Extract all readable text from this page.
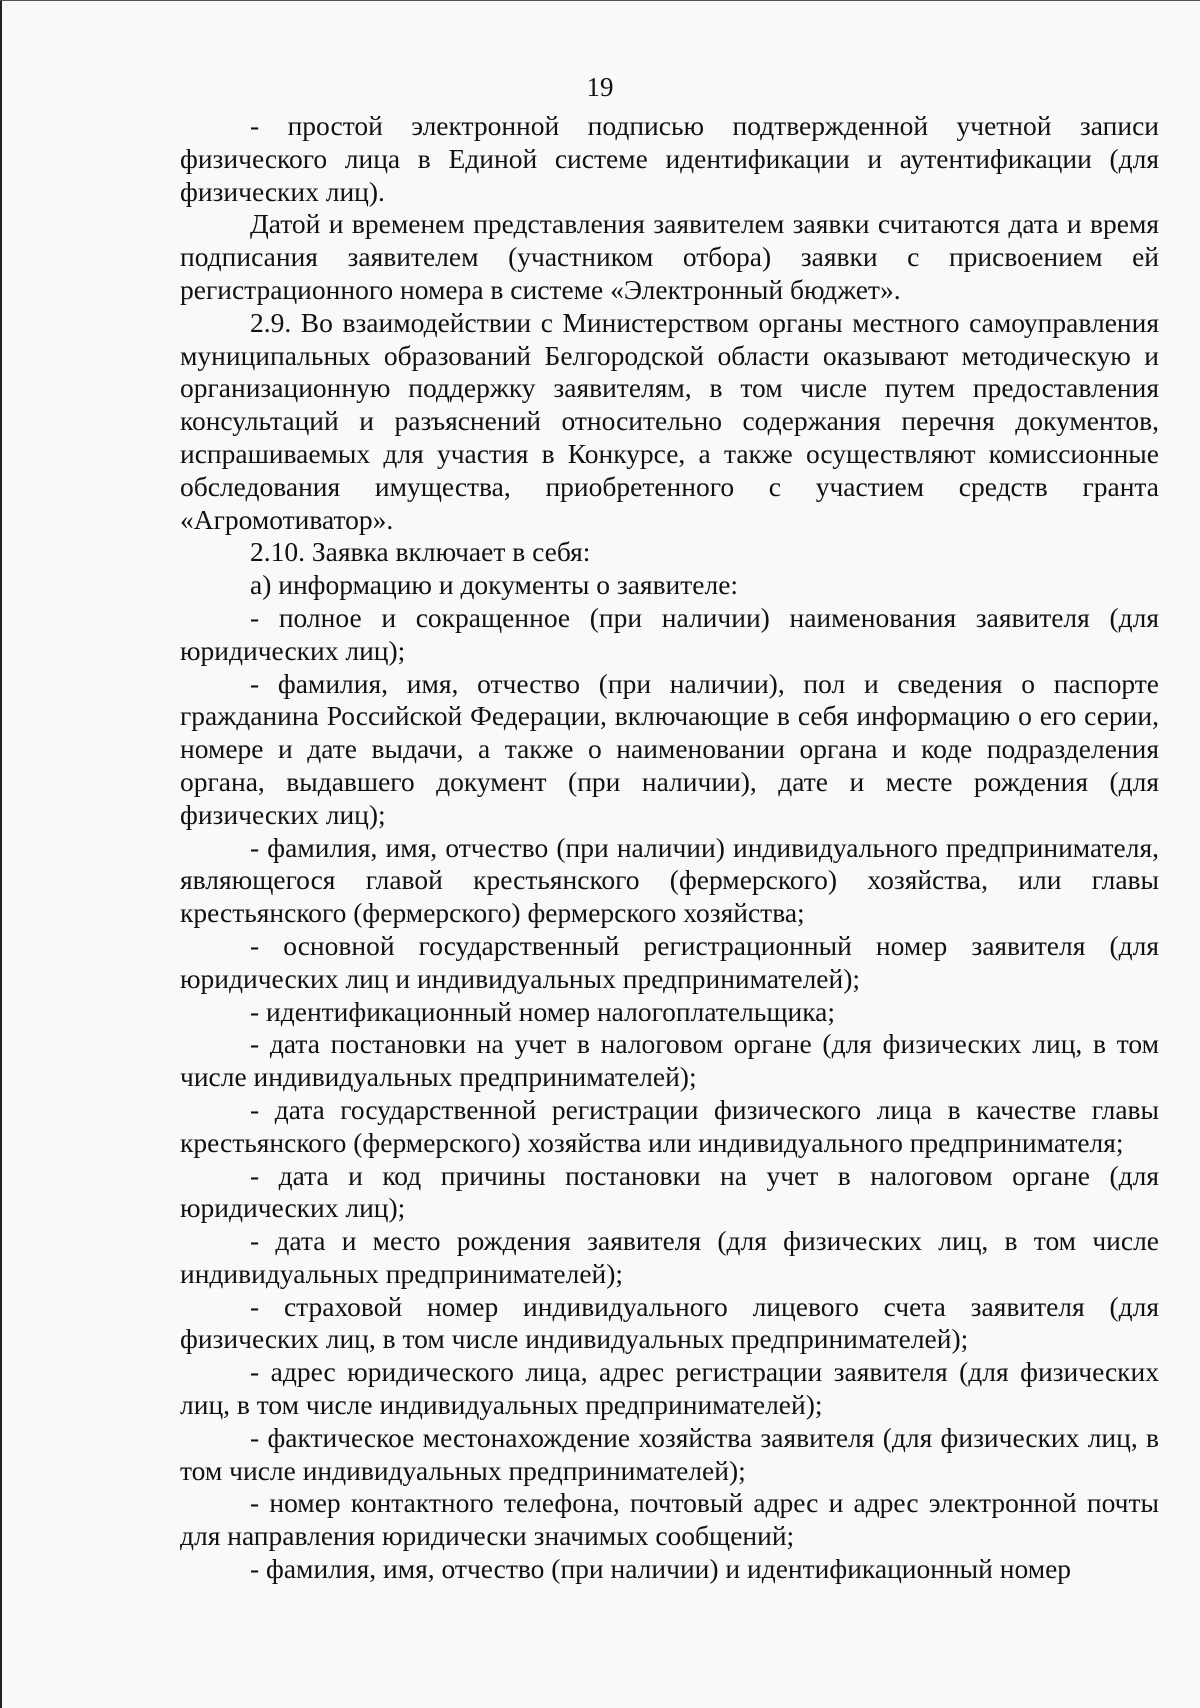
19

- простой электронной подписью подтвержденной учетной записи физического лица в Единой системе идентификации и аутентификации (для физических лиц).

Датой и временем представления заявителем заявки считаются дата и время подписания заявителем (участником отбора) заявки с присвоением ей регистрационного номера в системе «Электронный бюджет».

2.9. Во взаимодействии с Министерством органы местного самоуправления муниципальных образований Белгородской области оказывают методическую и организационную поддержку заявителям, в том числе путем предоставления консультаций и разъяснений относительно содержания перечня документов, испрашиваемых для участия в Конкурсе, а также осуществляют комиссионные обследования имущества, приобретенного с участием средств гранта «Агромотиватор».

2.10. Заявка включает в себя:

а) информацию и документы о заявителе:

- полное и сокращенное (при наличии) наименования заявителя (для юридических лиц);

- фамилия, имя, отчество (при наличии), пол и сведения о паспорте гражданина Российской Федерации, включающие в себя информацию о его серии, номере и дате выдачи, а также о наименовании органа и коде подразделения органа, выдавшего документ (при наличии), дате и месте рождения (для физических лиц);

- фамилия, имя, отчество (при наличии) индивидуального предпринимателя, являющегося главой крестьянского (фермерского) хозяйства, или главы крестьянского (фермерского) фермерского хозяйства;

- основной государственный регистрационный номер заявителя (для юридических лиц и индивидуальных предпринимателей);

- идентификационный номер налогоплательщика;

- дата постановки на учет в налоговом органе (для физических лиц, в том числе индивидуальных предпринимателей);

- дата государственной регистрации физического лица в качестве главы крестьянского (фермерского) хозяйства или индивидуального предпринимателя;

- дата и код причины постановки на учет в налоговом органе (для юридических лиц);

- дата и место рождения заявителя (для физических лиц, в том числе индивидуальных предпринимателей);

- страховой номер индивидуального лицевого счета заявителя (для физических лиц, в том числе индивидуальных предпринимателей);

- адрес юридического лица, адрес регистрации заявителя (для физических лиц, в том числе индивидуальных предпринимателей);

- фактическое местонахождение хозяйства заявителя (для физических лиц, в том числе индивидуальных предпринимателей);

- номер контактного телефона, почтовый адрес и адрес электронной почты для направления юридически значимых сообщений;

- фамилия, имя, отчество (при наличии) и идентификационный номер
